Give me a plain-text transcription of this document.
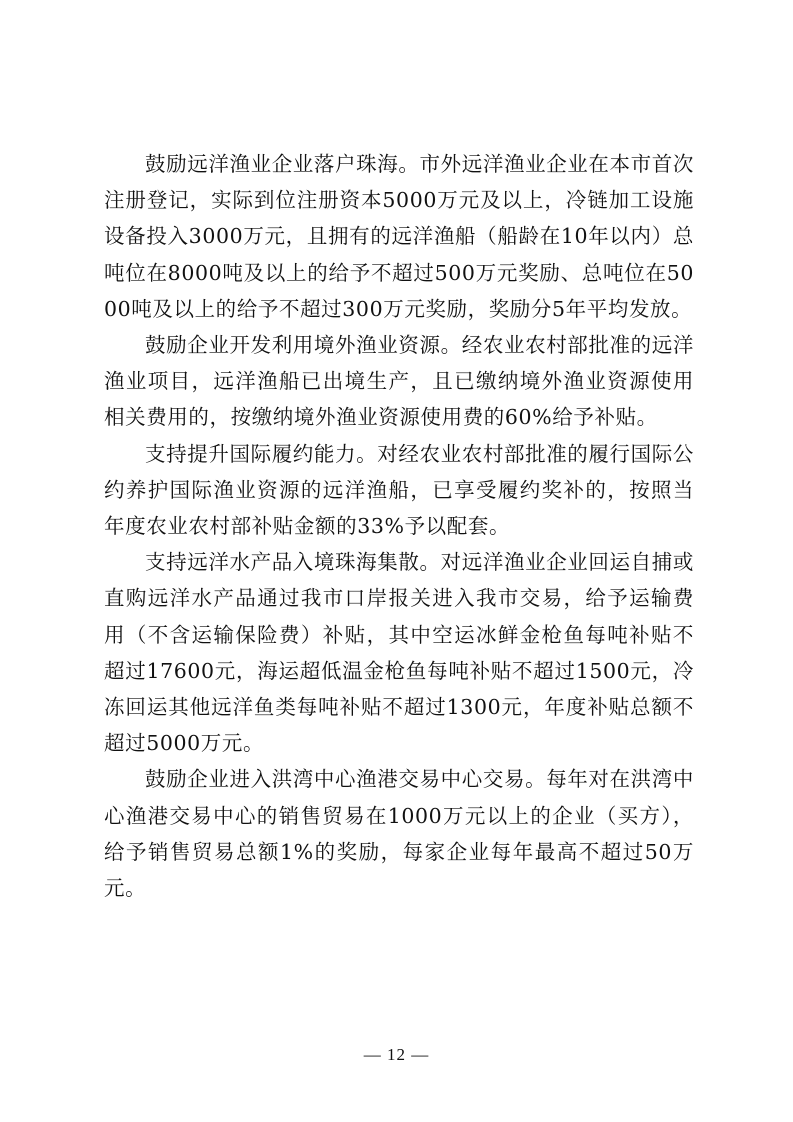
鼓励远洋渔业企业落户珠海。市外远洋渔业企业在本市首次注册登记，实际到位注册资本5000万元及以上，冷链加工设施设备投入3000万元，且拥有的远洋渔船（船龄在10年以内）总吨位在8000吨及以上的给予不超过500万元奖励、总吨位在5000吨及以上的给予不超过300万元奖励，奖励分5年平均发放。

鼓励企业开发利用境外渔业资源。经农业农村部批准的远洋渔业项目，远洋渔船已出境生产，且已缴纳境外渔业资源使用相关费用的，按缴纳境外渔业资源使用费的60%给予补贴。

支持提升国际履约能力。对经农业农村部批准的履行国际公约养护国际渔业资源的远洋渔船，已享受履约奖补的，按照当年度农业农村部补贴金额的33%予以配套。

支持远洋水产品入境珠海集散。对远洋渔业企业回运自捕或直购远洋水产品通过我市口岸报关进入我市交易，给予运输费用（不含运输保险费）补贴，其中空运冰鲜金枪鱼每吨补贴不超过17600元，海运超低温金枪鱼每吨补贴不超过1500元，冷冻回运其他远洋鱼类每吨补贴不超过1300元，年度补贴总额不超过5000万元。

鼓励企业进入洪湾中心渔港交易中心交易。每年对在洪湾中心渔港交易中心的销售贸易在1000万元以上的企业（买方），给予销售贸易总额1%的奖励，每家企业每年最高不超过50万元。

— 12 —
